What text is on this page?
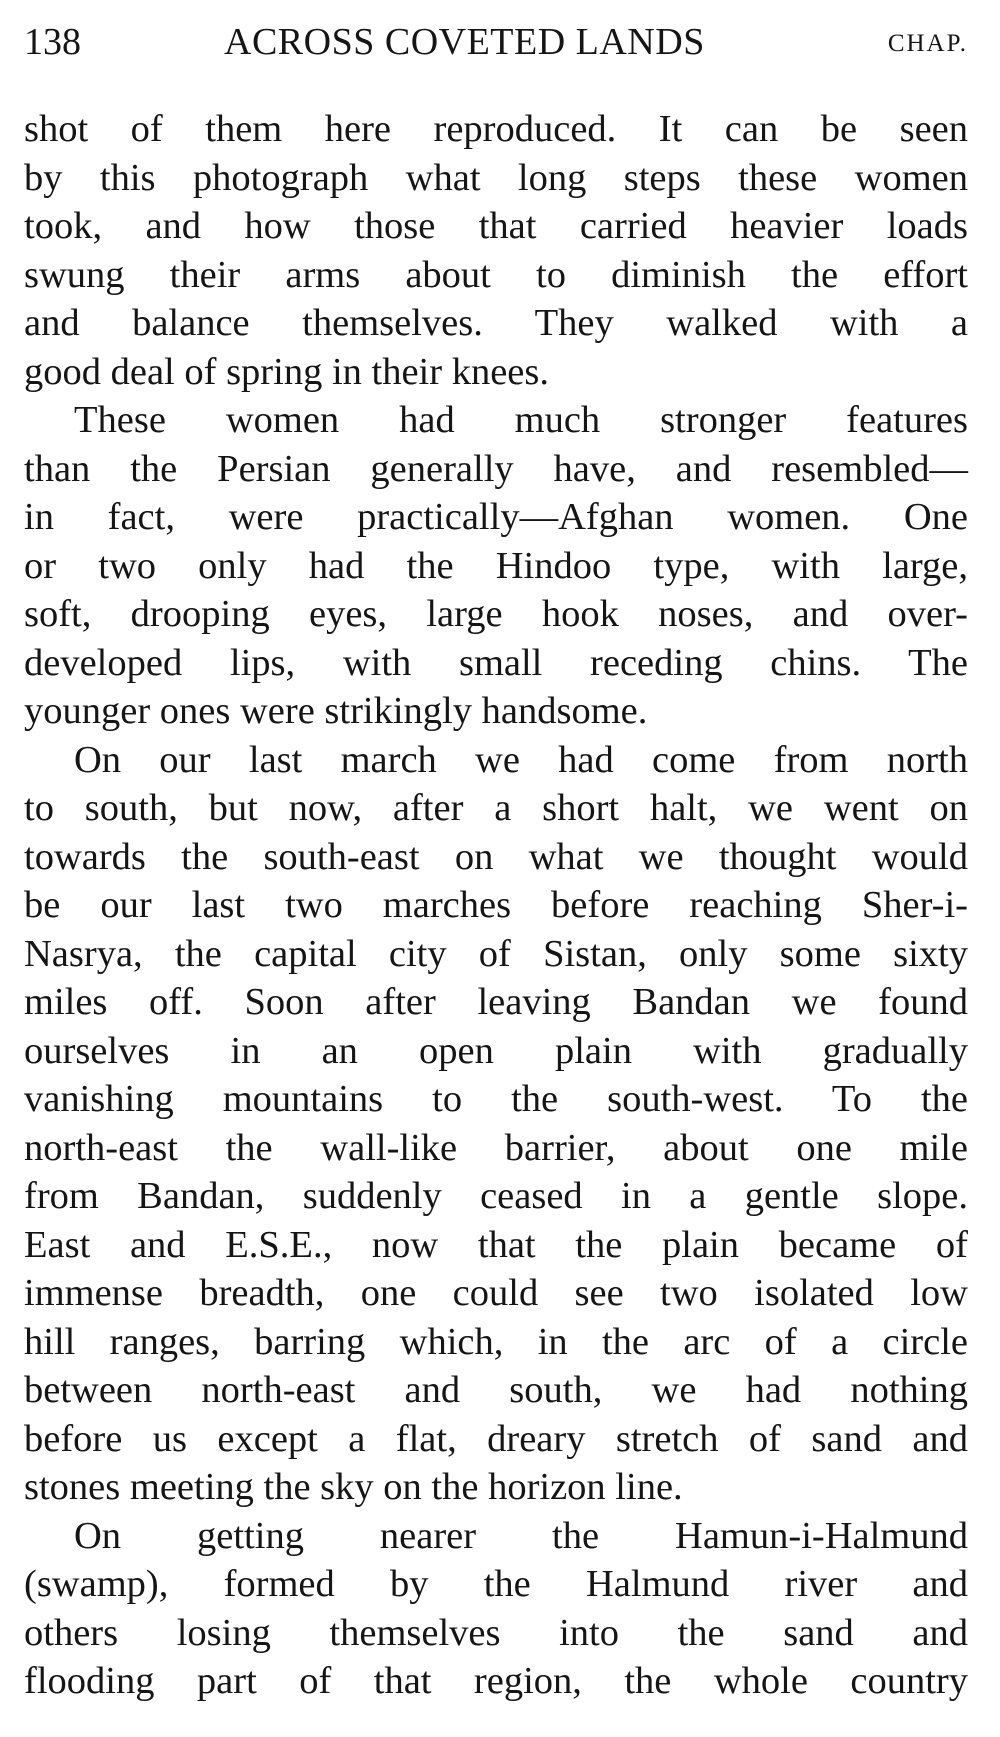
138	ACROSS COVETED LANDS	CHAP.
shot of them here reproduced. It can be seen
by this photograph what long steps these women
took, and how those that carried heavier loads
swung their arms about to diminish the effort
and balance themselves. They walked with a
good deal of spring in their knees.
These women had much stronger features
than the Persian generally have, and resembled—
in fact, were practically—Afghan women. One
or two only had the Hindoo type, with large,
soft, drooping eyes, large hook noses, and over-
developed lips, with small receding chins. The
younger ones were strikingly handsome.
On our last march we had come from north
to south, but now, after a short halt, we went on
towards the south-east on what we thought would
be our last two marches before reaching Sher-i-
Nasrya, the capital city of Sistan, only some sixty
miles off. Soon after leaving Bandan we found
ourselves in an open plain with gradually
vanishing mountains to the south-west. To the
north-east the wall-like barrier, about one mile
from Bandan, suddenly ceased in a gentle slope.
East and E.S.E., now that the plain became of
immense breadth, one could see two isolated low
hill ranges, barring which, in the arc of a circle
between north-east and south, we had nothing
before us except a flat, dreary stretch of sand and
stones meeting the sky on the horizon line.
On getting nearer the Hamun-i-Halmund
(swamp), formed by the Halmund river and
others losing themselves into the sand and
flooding part of that region, the whole country
